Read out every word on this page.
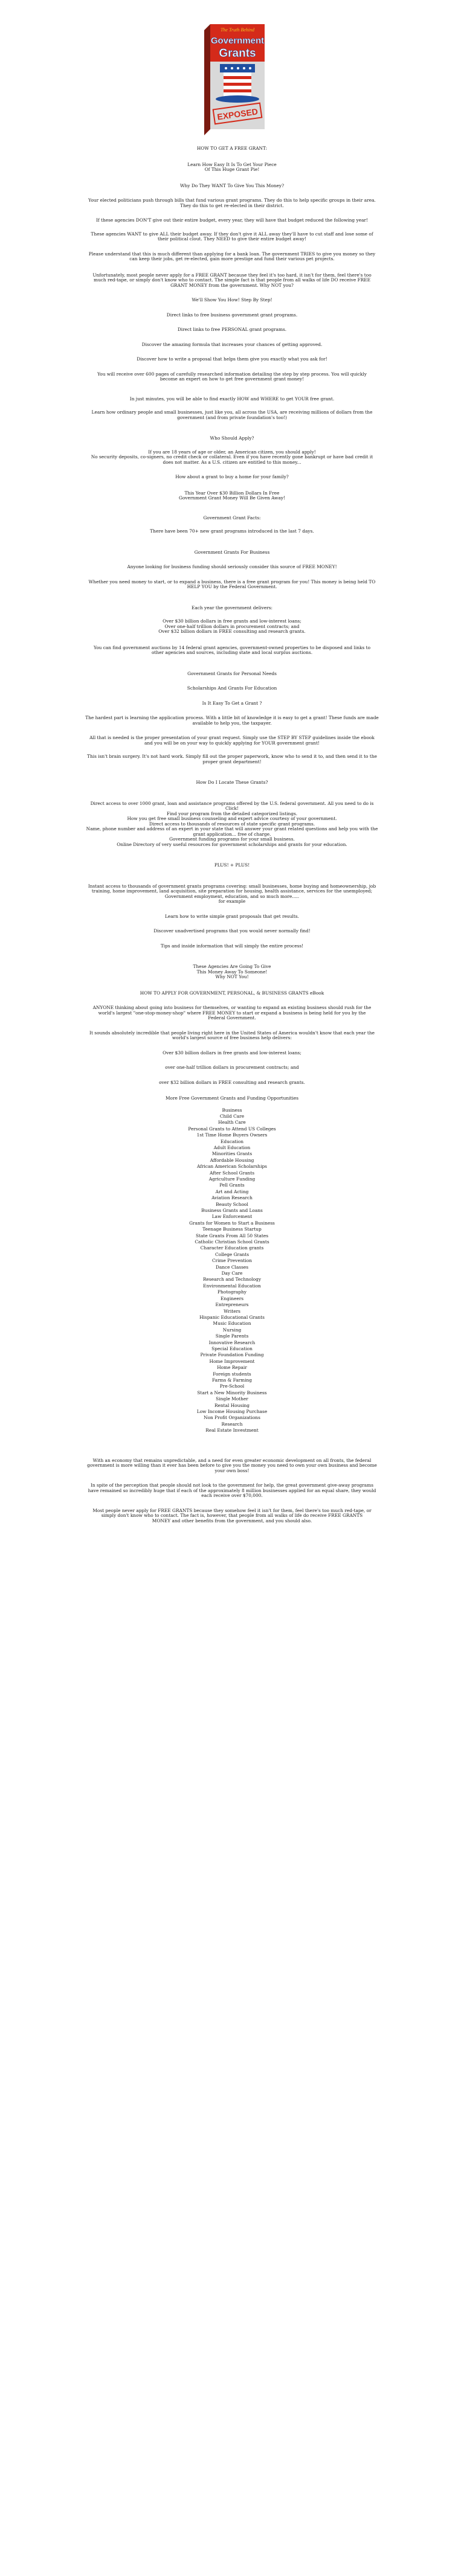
The Truth Behind
Government
Grants
EXPOSED

HOW TO GET A FREE GRANT:

Learn How Easy It Is To Get Your Piece
Of This Huge Grant Pie!

Why Do They WANT To Give You This Money?

Your elected politicians push through bills that fund various grant programs. They do this to help specific groups in their area.
They do this to get re-elected in their district.

If these agencies DON'T give out their entire budget, every year, they will have that budget reduced the following year!

These agencies WANT to give ALL their budget away. If they don't give it ALL away they'll have to cut staff and lose some of
their political clout. They NEED to give their entire budget away!

Please understand that this is much different than applying for a bank loan. The government TRIES to give you money so they
can keep their jobs, get re-elected, gain more prestige and fund their various pet projects.

Unfortunately, most people never apply for a FREE GRANT because they feel it's too hard, it isn't for them, feel there's too
much red-tape, or simply don't know who to contact. The simple fact is that people from all walks of life DO receive FREE
GRANT MONEY from the government. Why NOT you?

We'll Show You How! Step By Step!

Direct links to free business government grant programs.

Direct links to free PERSONAL grant programs.

Discover the amazing formula that increases your chances of getting approved.

Discover how to write a proposal that helps them give you exactly what you ask for!

You will receive over 600 pages of carefully researched information detailing the step by step process. You will quickly
become an expert on how to get free government grant money!

In just minutes, you will be able to find exactly HOW and WHERE to get YOUR free grant.

Learn how ordinary people and small businesses, just like you, all across the USA, are receiving millions of dollars from the
government (and from private foundation's too!)

Who Should Apply?

If you are 18 years of age or older, an American citizen, you should apply!
No security deposits, co-signers, no credit check or collateral. Even if you have recently gone bankrupt or have bad credit it
does not matter. As a U.S. citizen are entitled to this money...

How about a grant to buy a home for your family?

This Year Over $30 Billion Dollars In Free
Government Grant Money Will Be Given Away!

Government Grant Facts:

There have been 70+ new grant programs introduced in the last 7 days.

Government Grants For Business

Anyone looking for business funding should seriously consider this source of FREE MONEY!

Whether you need money to start, or to expand a business, there is a free grant program for you! This money is being held TO
HELP YOU by the Federal Government.

Each year the government delivers:

Over $30 billion dollars in free grants and low-interest loans;
Over one-half trillion dollars in procurement contracts; and
Over $32 billion dollars in FREE consulting and research grants.

You can find government auctions by 14 federal grant agencies, government-owned properties to be disposed and links to
other agencies and sources, including state and local surplus auctions.

Government Grants for Personal Needs

Scholarships And Grants For Education

Is It Easy To Get a Grant ?

The hardest part is learning the application process. With a little bit of knowledge it is easy to get a grant! These funds are made
available to help you, the taxpayer.

All that is needed is the proper presentation of your grant request. Simply use the STEP BY STEP guidelines inside the ebook
and you will be on your way to quickly applying for YOUR government grant!

This isn't brain surgery. It's not hard work. Simply fill out the proper paperwork, know who to send it to, and then send it to the
proper grant department!

How Do I Locate These Grants?

Direct access to over 1000 grant, loan and assistance programs offered by the U.S. federal government. All you need to do is
Click!
Find your program from the detailed categorized listings.
How you get free small business counseling and expert advice courtesy of your government.
Direct access to thousands of resources of state specific grant programs.
Name, phone number and address of an expert in your state that will answer your grant related questions and help you with the
grant application... free of charge.
Government funding programs for your small business.
Online Directory of very useful resources for government scholarships and grants for your education.

PLUS! + PLUS!

Instant access to thousands of government grants programs covering: small businesses, home buying and homeownership, job
training, home improvement, land acquisition, site preparation for housing, health assistance, services for the unemployed;
Government employment, education, and so much more.....
for example

Learn how to write simple grant proposals that get results.

Discover unadvertised programs that you would never normally find!

Tips and inside information that will simply the entire process!

These Agencies Are Going To Give
This Money Away To Someone!
Why NOT You!

HOW TO APPLY FOR GOVERNMENT, PERSONAL, & BUSINESS GRANTS eBook

ANYONE thinking about going into business for themselves, or wanting to expand an existing business should rush for the
world's largest "one-stop-money-shop" where FREE MONEY to start or expand a business is being held for you by the
Federal Government.

It sounds absolutely incredible that people living right here in the United States of America wouldn't know that each year the
world's largest source of free business help delivers:

Over $30 billion dollars in free grants and low-interest loans;

over one-half trillion dollars in procurement contracts; and

over $32 billion dollars in FREE consulting and research grants.

More Free Government Grants and Funding Opportunities

Business
Child Care
Health Care
Personal Grants to Attend US Colleges
1st Time Home Buyers Owners
Education
Adult Education
Minorities Grants
Affordable Housing
African American Scholarships
After School Grants
Agriculture Funding
Pell Grants
Art and Acting
Aviation Research
Beauty School
Business Grants and Loans
Law Enforcement
Grants for Women to Start a Business
Teenage Business Startup
State Grants From All 50 States
Catholic Christian School Grants
Character Education grants
College Grants
Crime Prevention
Dance Classes
Day Care
Research and Technology
Environmental Education
Photography
Engineers
Entrepreneurs
Writers
Hispanic Educational Grants
Music Education
Nursing
Single Parents
Innovative Research
Special Education
Private Foundation Funding
Home Improvement
Home Repair
Foreign students
Farms & Farming
Pre-School
Start a New Minority Business
Single Mother
Rental Housing
Low Income Housing Purchase
Non Profit Organizations
Research
Real Estate Investment

With an economy that remains unpredictable, and a need for even greater economic development on all fronts, the federal
government is more willing than it ever has been before to give you the money you need to own your own business and become
your own boss!

In spite of the perception that people should not look to the government for help, the great government give-away programs
have remained so incredibly huge that if each of the approximately 8 million businesses applied for an equal share, they would
each receive over $70,000.

Most people never apply for FREE GRANTS because they somehow feel it isn't for them, feel there's too much red-tape, or
simply don't know who to contact. The fact is, however, that people from all walks of life do receive FREE GRANTS
MONEY and other benefits from the government, and you should also.
